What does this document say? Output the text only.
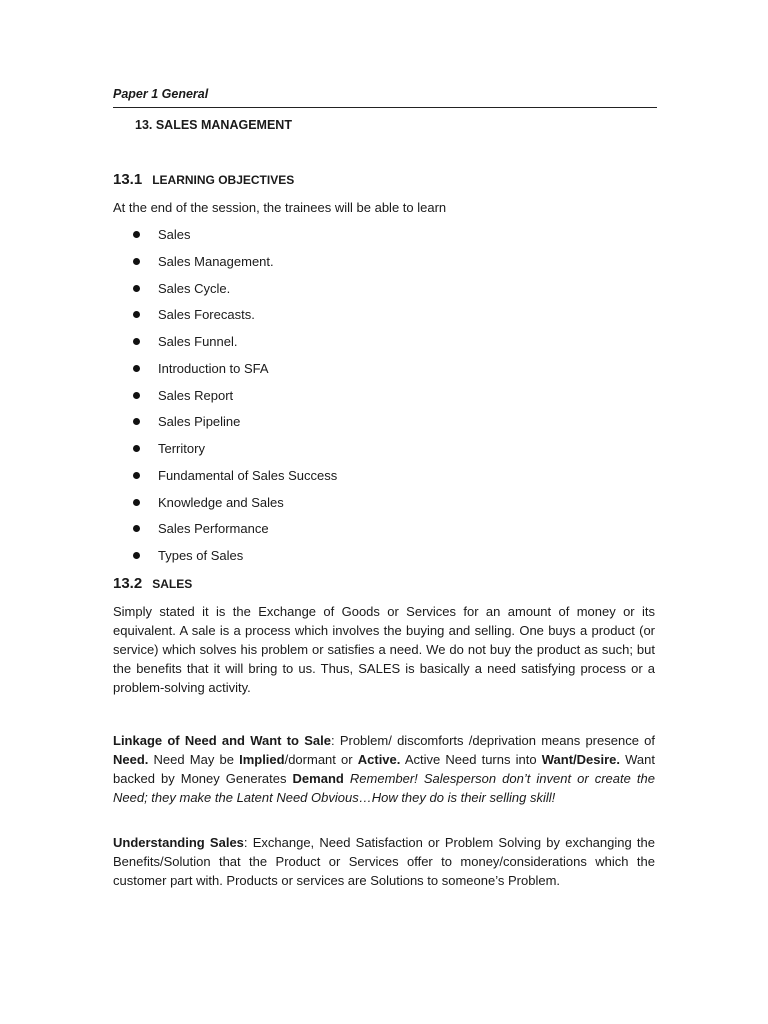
Paper 1 General
13. SALES MANAGEMENT
13.1 LEARNING OBJECTIVES
At the end of the session, the trainees will be able to learn
Sales
Sales Management.
Sales Cycle.
Sales Forecasts.
Sales Funnel.
Introduction to SFA
Sales Report
Sales Pipeline
Territory
Fundamental of Sales Success
Knowledge and Sales
Sales Performance
Types of Sales
13.2 SALES

Simply stated it is the Exchange of Goods or Services for an amount of money or its equivalent. A sale is a process which involves the buying and selling. One buys a product (or service) which solves his problem or satisfies a need. We do not buy the product as such; but the benefits that it will bring to us. Thus, SALES is basically a need satisfying process or a problem-solving activity.

Linkage of Need and Want to Sale: Problem/ discomforts /deprivation means presence of Need. Need May be Implied/dormant or Active. Active Need turns into Want/Desire. Want backed by Money Generates Demand Remember! Salesperson don’t invent or create the Need; they make the Latent Need Obvious…How they do is their selling skill!

Understanding Sales: Exchange, Need Satisfaction or Problem Solving by exchanging the Benefits/Solution that the Product or Services offer to money/considerations which the customer part with. Products or services are Solutions to someone’s Problem.
